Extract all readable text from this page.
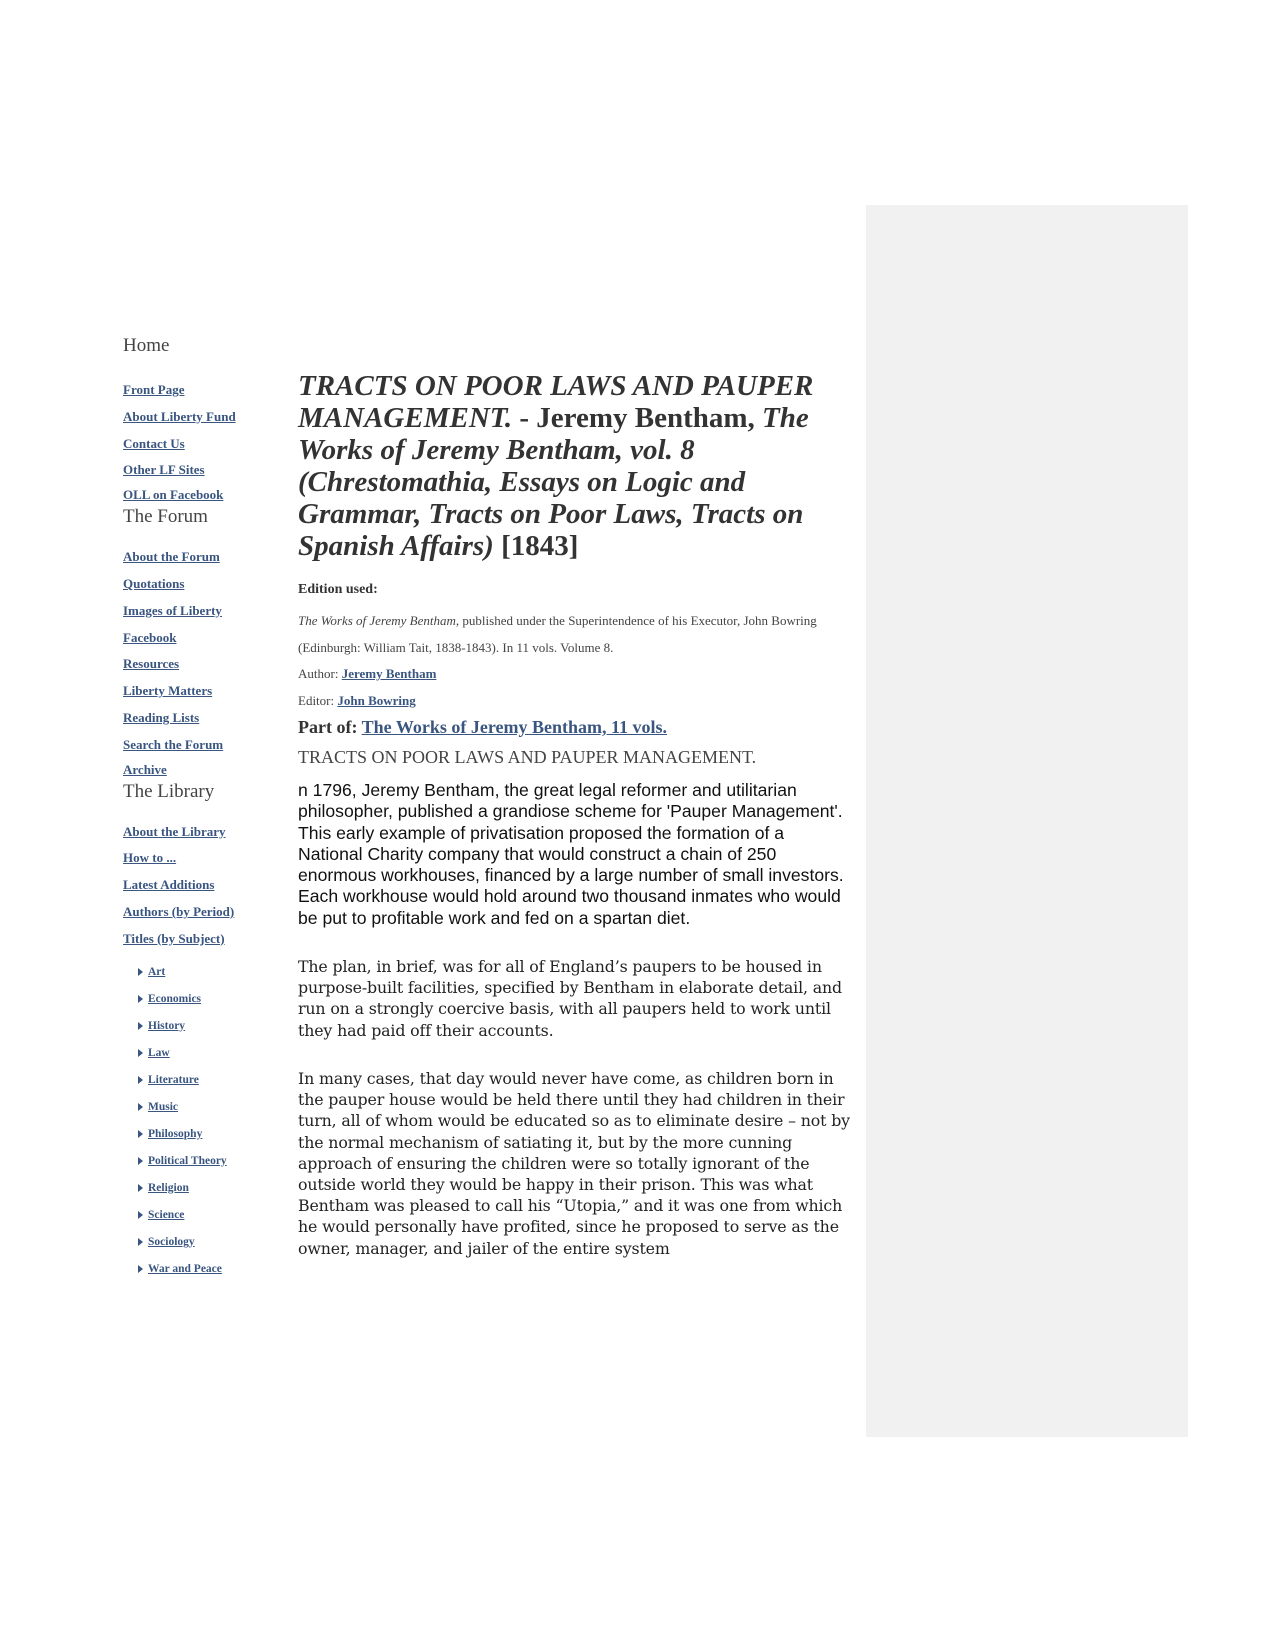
Home
Front Page
About Liberty Fund
Contact Us
Other LF Sites
OLL on Facebook
The Forum
About the Forum
Quotations
Images of Liberty
Facebook
Resources
Liberty Matters
Reading Lists
Search the Forum
Archive
The Library
About the Library
How to ...
Latest Additions
Authors (by Period)
Titles (by Subject)
Art
Economics
History
Law
Literature
Music
Philosophy
Political Theory
Religion
Science
Sociology
War and Peace
TRACTS ON POOR LAWS AND PAUPER MANAGEMENT. - Jeremy Bentham, The Works of Jeremy Bentham, vol. 8 (Chrestomathia, Essays on Logic and Grammar, Tracts on Poor Laws, Tracts on Spanish Affairs) [1843]
Edition used:
The Works of Jeremy Bentham, published under the Superintendence of his Executor, John Bowring (Edinburgh: William Tait, 1838-1843). In 11 vols. Volume 8.
Author: Jeremy Bentham
Editor: John Bowring
Part of: The Works of Jeremy Bentham, 11 vols.
TRACTS ON POOR LAWS AND PAUPER MANAGEMENT.

n 1796, Jeremy Bentham, the great legal reformer and utilitarian philosopher, published a grandiose scheme for 'Pauper Management'. This early example of privatisation proposed the formation of a National Charity company that would construct a chain of 250 enormous workhouses, financed by a large number of small investors. Each workhouse would hold around two thousand inmates who would be put to profitable work and fed on a spartan diet.

The plan, in brief, was for all of England’s paupers to be housed in purpose-built facilities, specified by Bentham in elaborate detail, and run on a strongly coercive basis, with all paupers held to work until they had paid off their accounts.

In many cases, that day would never have come, as children born in the pauper house would be held there until they had children in their turn, all of whom would be educated so as to eliminate desire – not by the normal mechanism of satiating it, but by the more cunning approach of ensuring the children were so totally ignorant of the outside world they would be happy in their prison. This was what Bentham was pleased to call his “Utopia,” and it was one from which he would personally have profited, since he proposed to serve as the owner, manager, and jailer of the entire system
